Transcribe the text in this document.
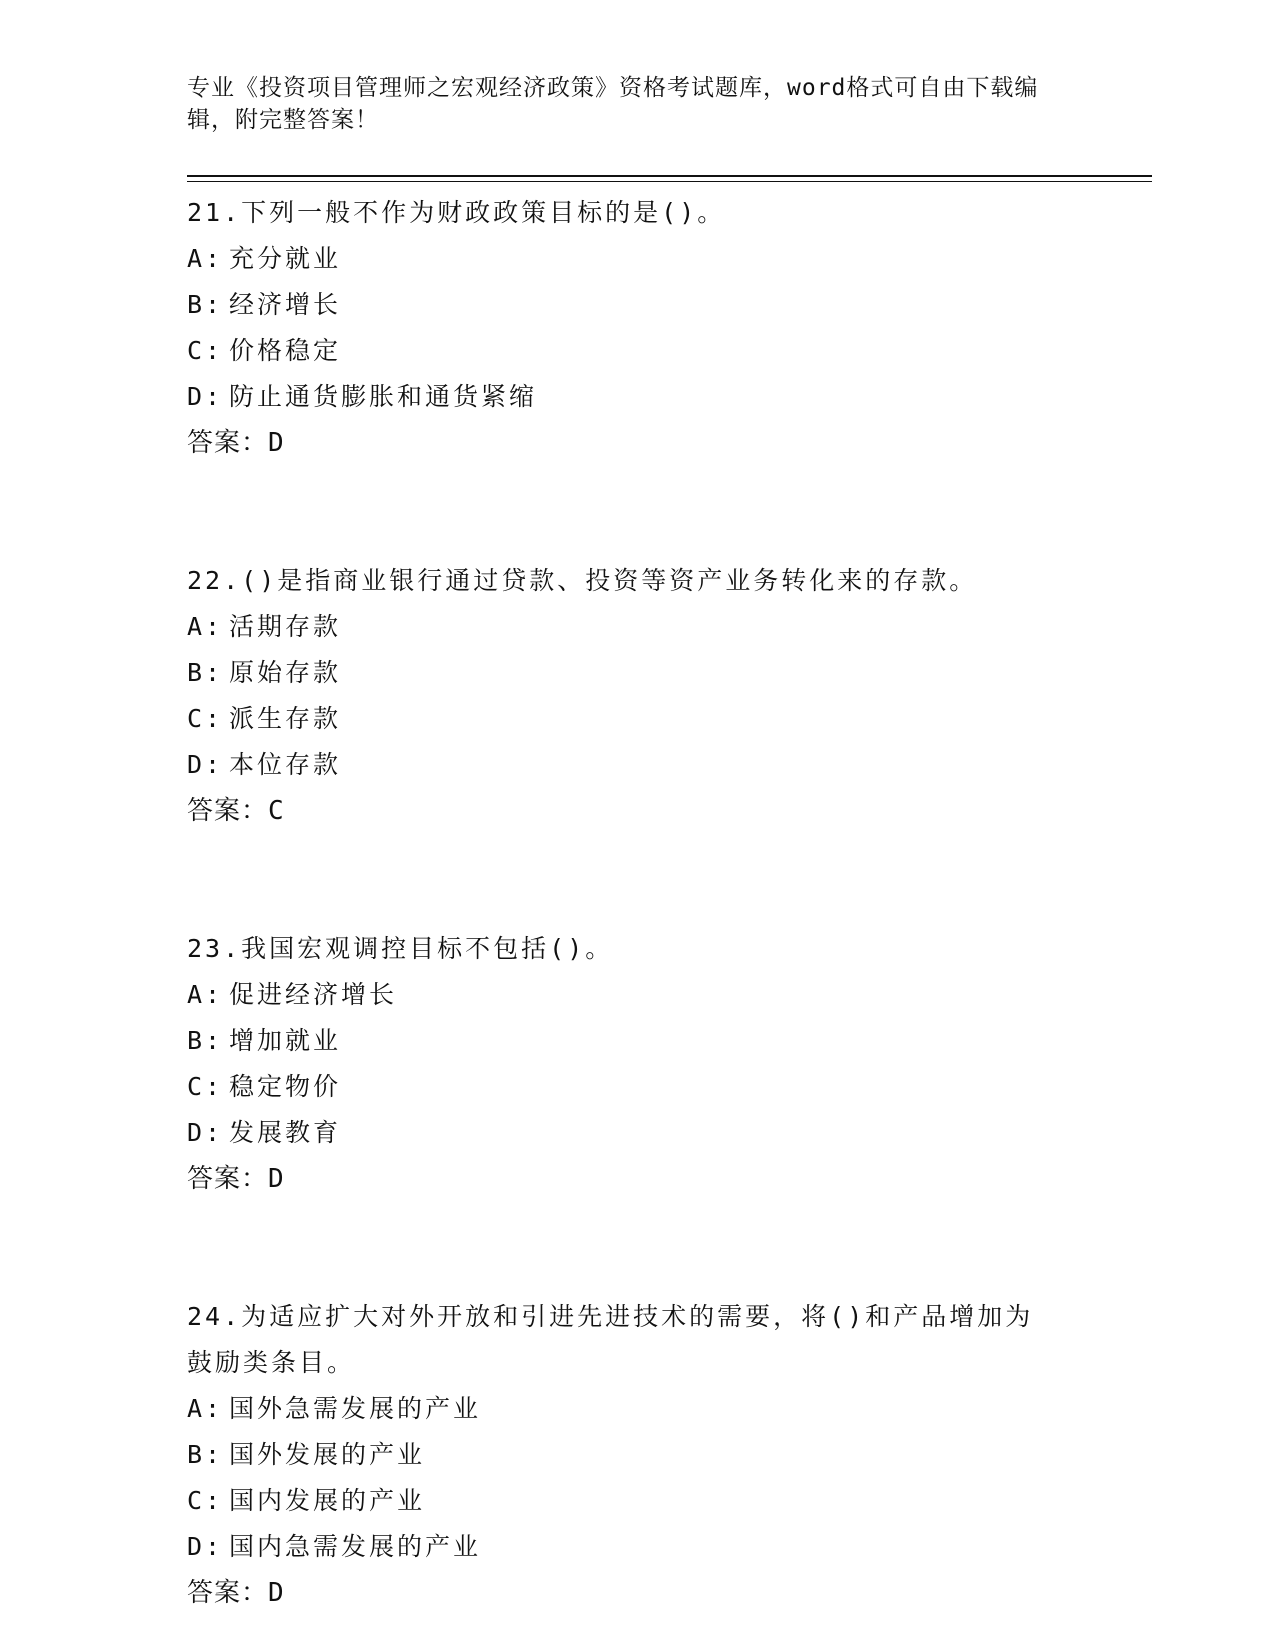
专业《投资项目管理师之宏观经济政策》资格考试题库，word格式可自由下载编辑，附完整答案！
21.下列一般不作为财政政策目标的是()。
A: 充分就业
B: 经济增长
C: 价格稳定
D: 防止通货膨胀和通货紧缩
答案：D
22.()是指商业银行通过贷款、投资等资产业务转化来的存款。
A: 活期存款
B: 原始存款
C: 派生存款
D: 本位存款
答案：C
23.我国宏观调控目标不包括()。
A: 促进经济增长
B: 增加就业
C: 稳定物价
D: 发展教育
答案：D
24.为适应扩大对外开放和引进先进技术的需要，将()和产品增加为鼓励类条目。
A: 国外急需发展的产业
B: 国外发展的产业
C: 国内发展的产业
D: 国内急需发展的产业
答案：D
